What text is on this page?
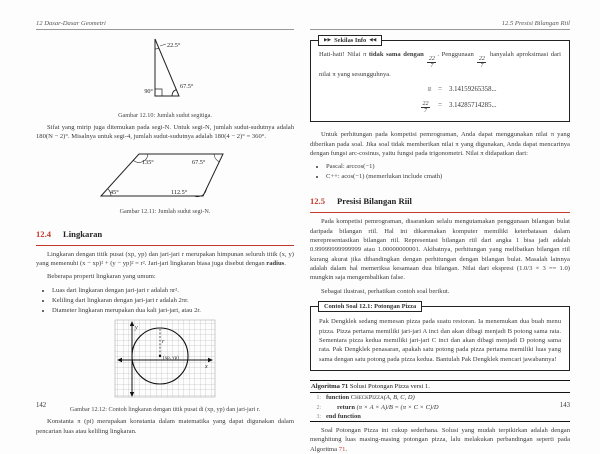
12 Dasar-Dasar Geometri
22.5°
90°
67.5°
Gambar 12.10: Jumlah sudut segitiga.

Sifat yang mirip juga ditemukan pada segi-N. Untuk segi-N, jumlah sudut-sudutnya adalah 180(N − 2)°. Misalnya untuk segi-4, jumlah sudut-sudutnya adalah 180(4 − 2)° = 360°.

135°	67.5°
45°	112.5°
Gambar 12.11: Jumlah sudut segi-N.
12.4 Lingkaran

Lingkaran dengan titik pusat (xp, yp) dan jari-jari r merupakan himpunan seluruh titik (x, y) yang memenuhi (x − xp)² + (y − yp)² = r². Jari-jari lingkaran biasa juga disebut dengan radius.

Beberapa properti lingkaran yang umum:

• Luas dari lingkaran dengan jari-jari r adalah πr².
• Keliling dari lingkaran dengan jari-jari r adalah 2πr.
• Diameter lingkaran merupakan dua kali jari-jari, atau 2r.
r
(xp, yp)
y
x
Gambar 12.12: Contoh lingkaran dengan titik pusat di (xp, yp) dan jari-jari r.

Konstanta π (pi) merupakan konstanta dalam matematika yang dapat digunakan dalam pencarian luas atau keliling lingkaran.

142
12.5 Presisi Bilangan Riil
▶▶ Sekilas Info ◀◀
Hati-hati! Nilai π tidak sama dengan
$\frac{22}{7}$
. Penggunaan
$\frac{22}{7}$
hanyalah aproksimasi dari nilai π yang sesungguhnya.
π	=	3.14159265358...
$\frac{22}{7}$	=	3.14285714285...

Untuk perhitungan pada kompetisi pemrograman, Anda dapat menggunakan nilai π yang diberikan pada soal. Jika soal tidak memberikan nilai π yang digunakan, Anda dapat mencarinya dengan fungsi arc-cosinus, yaitu fungsi pada trigonometri. Nilai π didapatkan dari:

• Pascal: arccos(−1)
• C++: acos(−1) (memerlukan include cmath)
12.5 Presisi Bilangan Riil

Pada kompetisi pemrograman, disarankan selalu mengutamakan penggunaan bilangan bulat daripada bilangan riil. Hal ini dikarenakan komputer memiliki keterbatasan dalam merepresentasikan bilangan riil. Representasi bilangan riil dari angka 1 bisa jadi adalah 0.99999999999999 atau 1.00000000001. Akibatnya, perhitungan yang melibatkan bilangan riil kurang akurat jika dibandingkan dengan perhitungan dengan bilangan bulat. Masalah lainnya adalah dalam hal memeriksa kesamaan dua bilangan. Nilai dari ekspresi (1.0/3 × 3 == 1.0) mungkin saja mengembalikan false.

Sebagai ilustrasi, perhatikan contoh soal berikut.

Contoh Soal 12.1: Potongan Pizza

Pak Dengklek sedang memesan pizza pada suatu restoran. Ia menemukan dua buah menu pizza. Pizza pertama memiliki jari-jari A inci dan akan dibagi menjadi B potong sama rata. Sementara pizza kedua memiliki jari-jari C inci dan akan dibagi menjadi D potong sama rata. Pak Dengklek penasaran, apakah satu potong pada pizza pertama memiliki luas yang sama dengan satu potong pada pizza kedua. Bantulah Pak Dengklek mencari jawabannya!

Algoritma 71 Solusi Potongan Pizza versi 1.
1: function CheckPizza(A, B, C, D)
2: return (π × A × A)/B = (π × C × C)/D
3: end function

Soal Potongan Pizza ini cukup sederhana. Solusi yang mudah terpikirkan adalah dengan menghitung luas masing-masing potongan pizza, lalu melakukan perbandingan seperti pada Algoritma 71.

143
